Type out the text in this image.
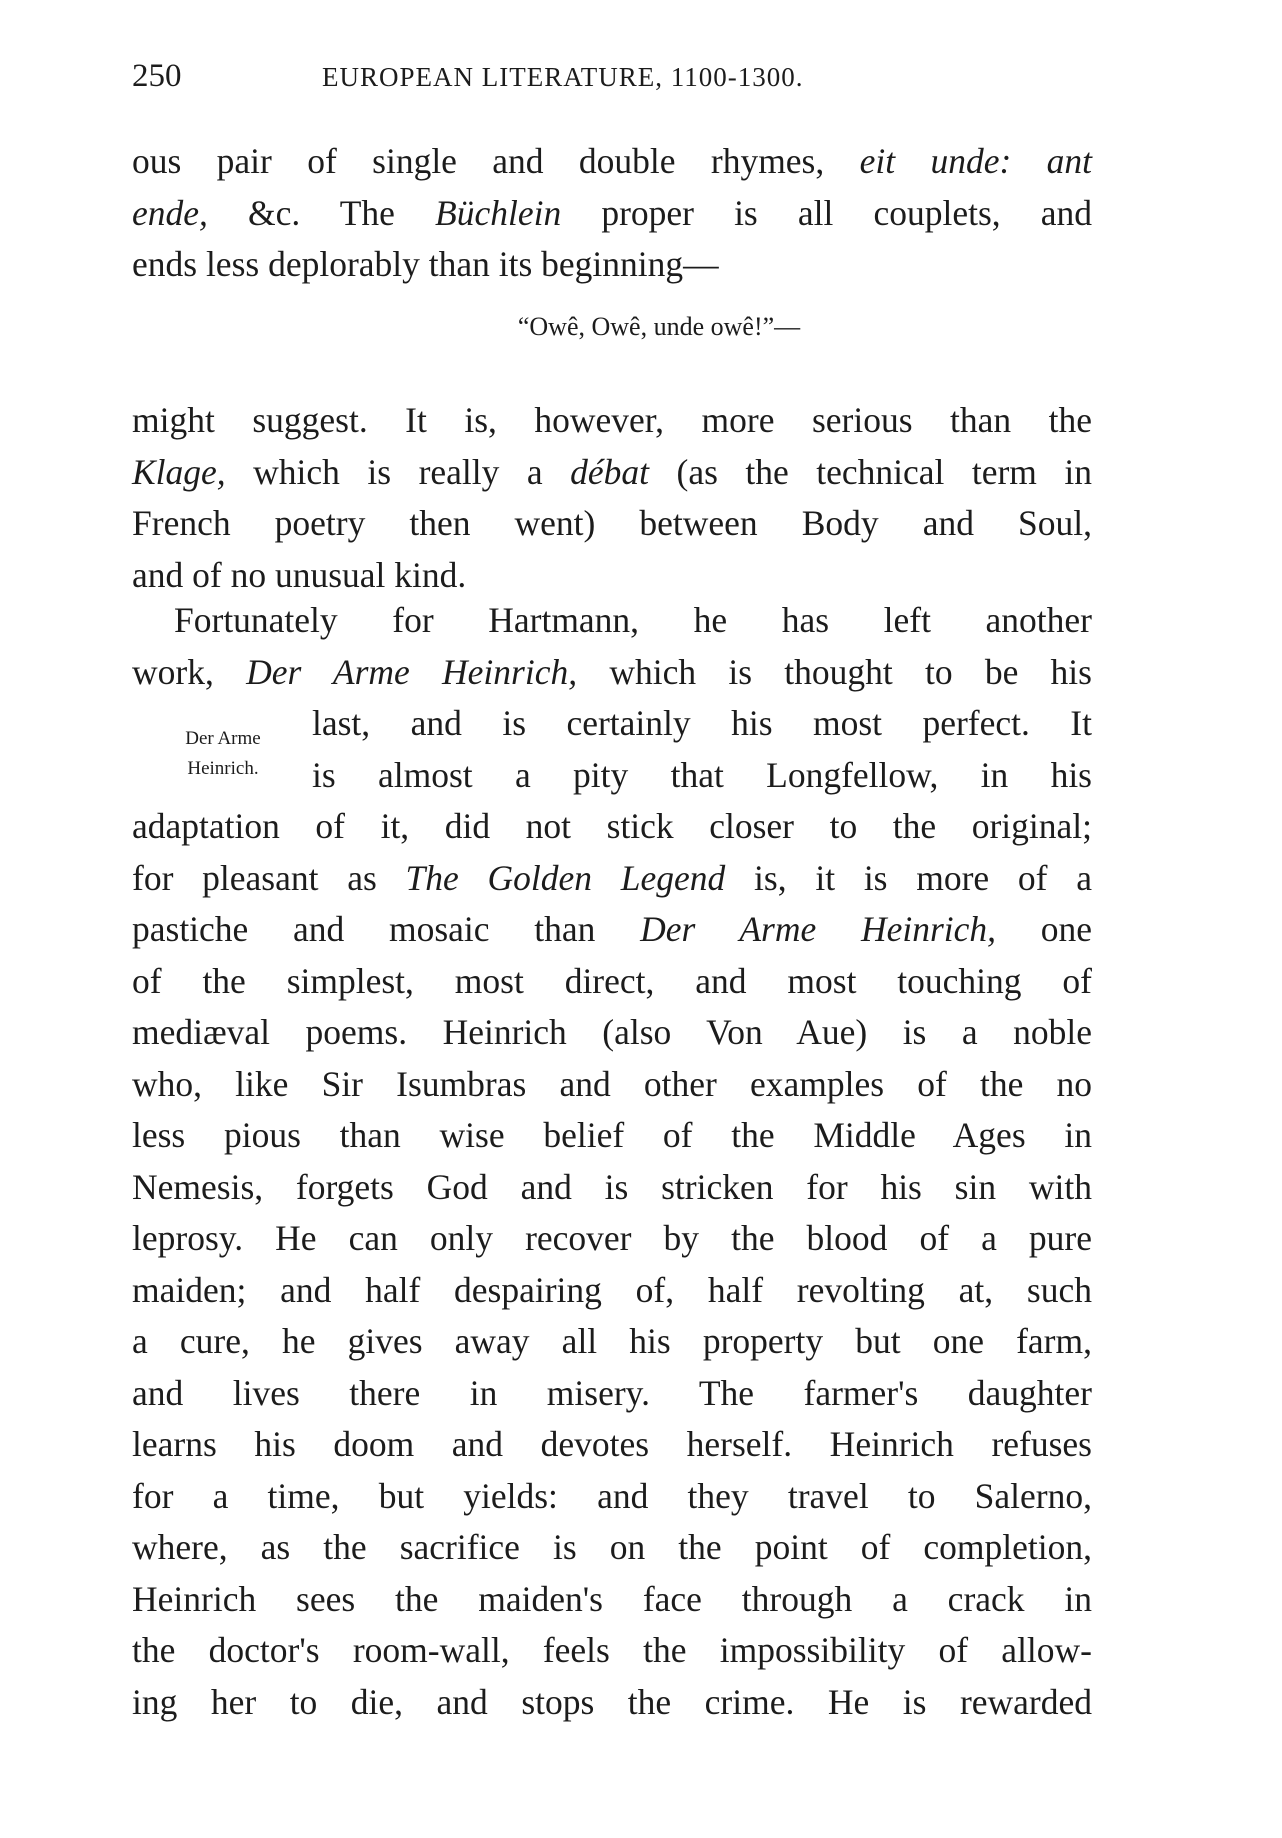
250	EUROPEAN LITERATURE, 1100-1300.
ous pair of single and double rhymes, eit unde: ant
ende, &c. The Büchlein proper is all couplets, and
ends less deplorably than its beginning—
“Owê, Owê, unde owê!”—
might suggest. It is, however, more serious than the
Klage, which is really a débat (as the technical term in
French poetry then went) between Body and Soul,
and of no unusual kind.
Der Arme
Heinrich.
Fortunately for Hartmann, he has left another
work, Der Arme Heinrich, which is thought to be his
last, and is certainly his most perfect. It
is almost a pity that Longfellow, in his
adaptation of it, did not stick closer to the original;
for pleasant as The Golden Legend is, it is more of a
pastiche and mosaic than Der Arme Heinrich, one
of the simplest, most direct, and most touching of
mediæval poems. Heinrich (also Von Aue) is a noble
who, like Sir Isumbras and other examples of the no
less pious than wise belief of the Middle Ages in
Nemesis, forgets God and is stricken for his sin with
leprosy. He can only recover by the blood of a pure
maiden; and half despairing of, half revolting at, such
a cure, he gives away all his property but one farm,
and lives there in misery. The farmer's daughter
learns his doom and devotes herself. Heinrich refuses
for a time, but yields: and they travel to Salerno,
where, as the sacrifice is on the point of completion,
Heinrich sees the maiden's face through a crack in
the doctor's room-wall, feels the impossibility of allow-
ing her to die, and stops the crime. He is rewarded
